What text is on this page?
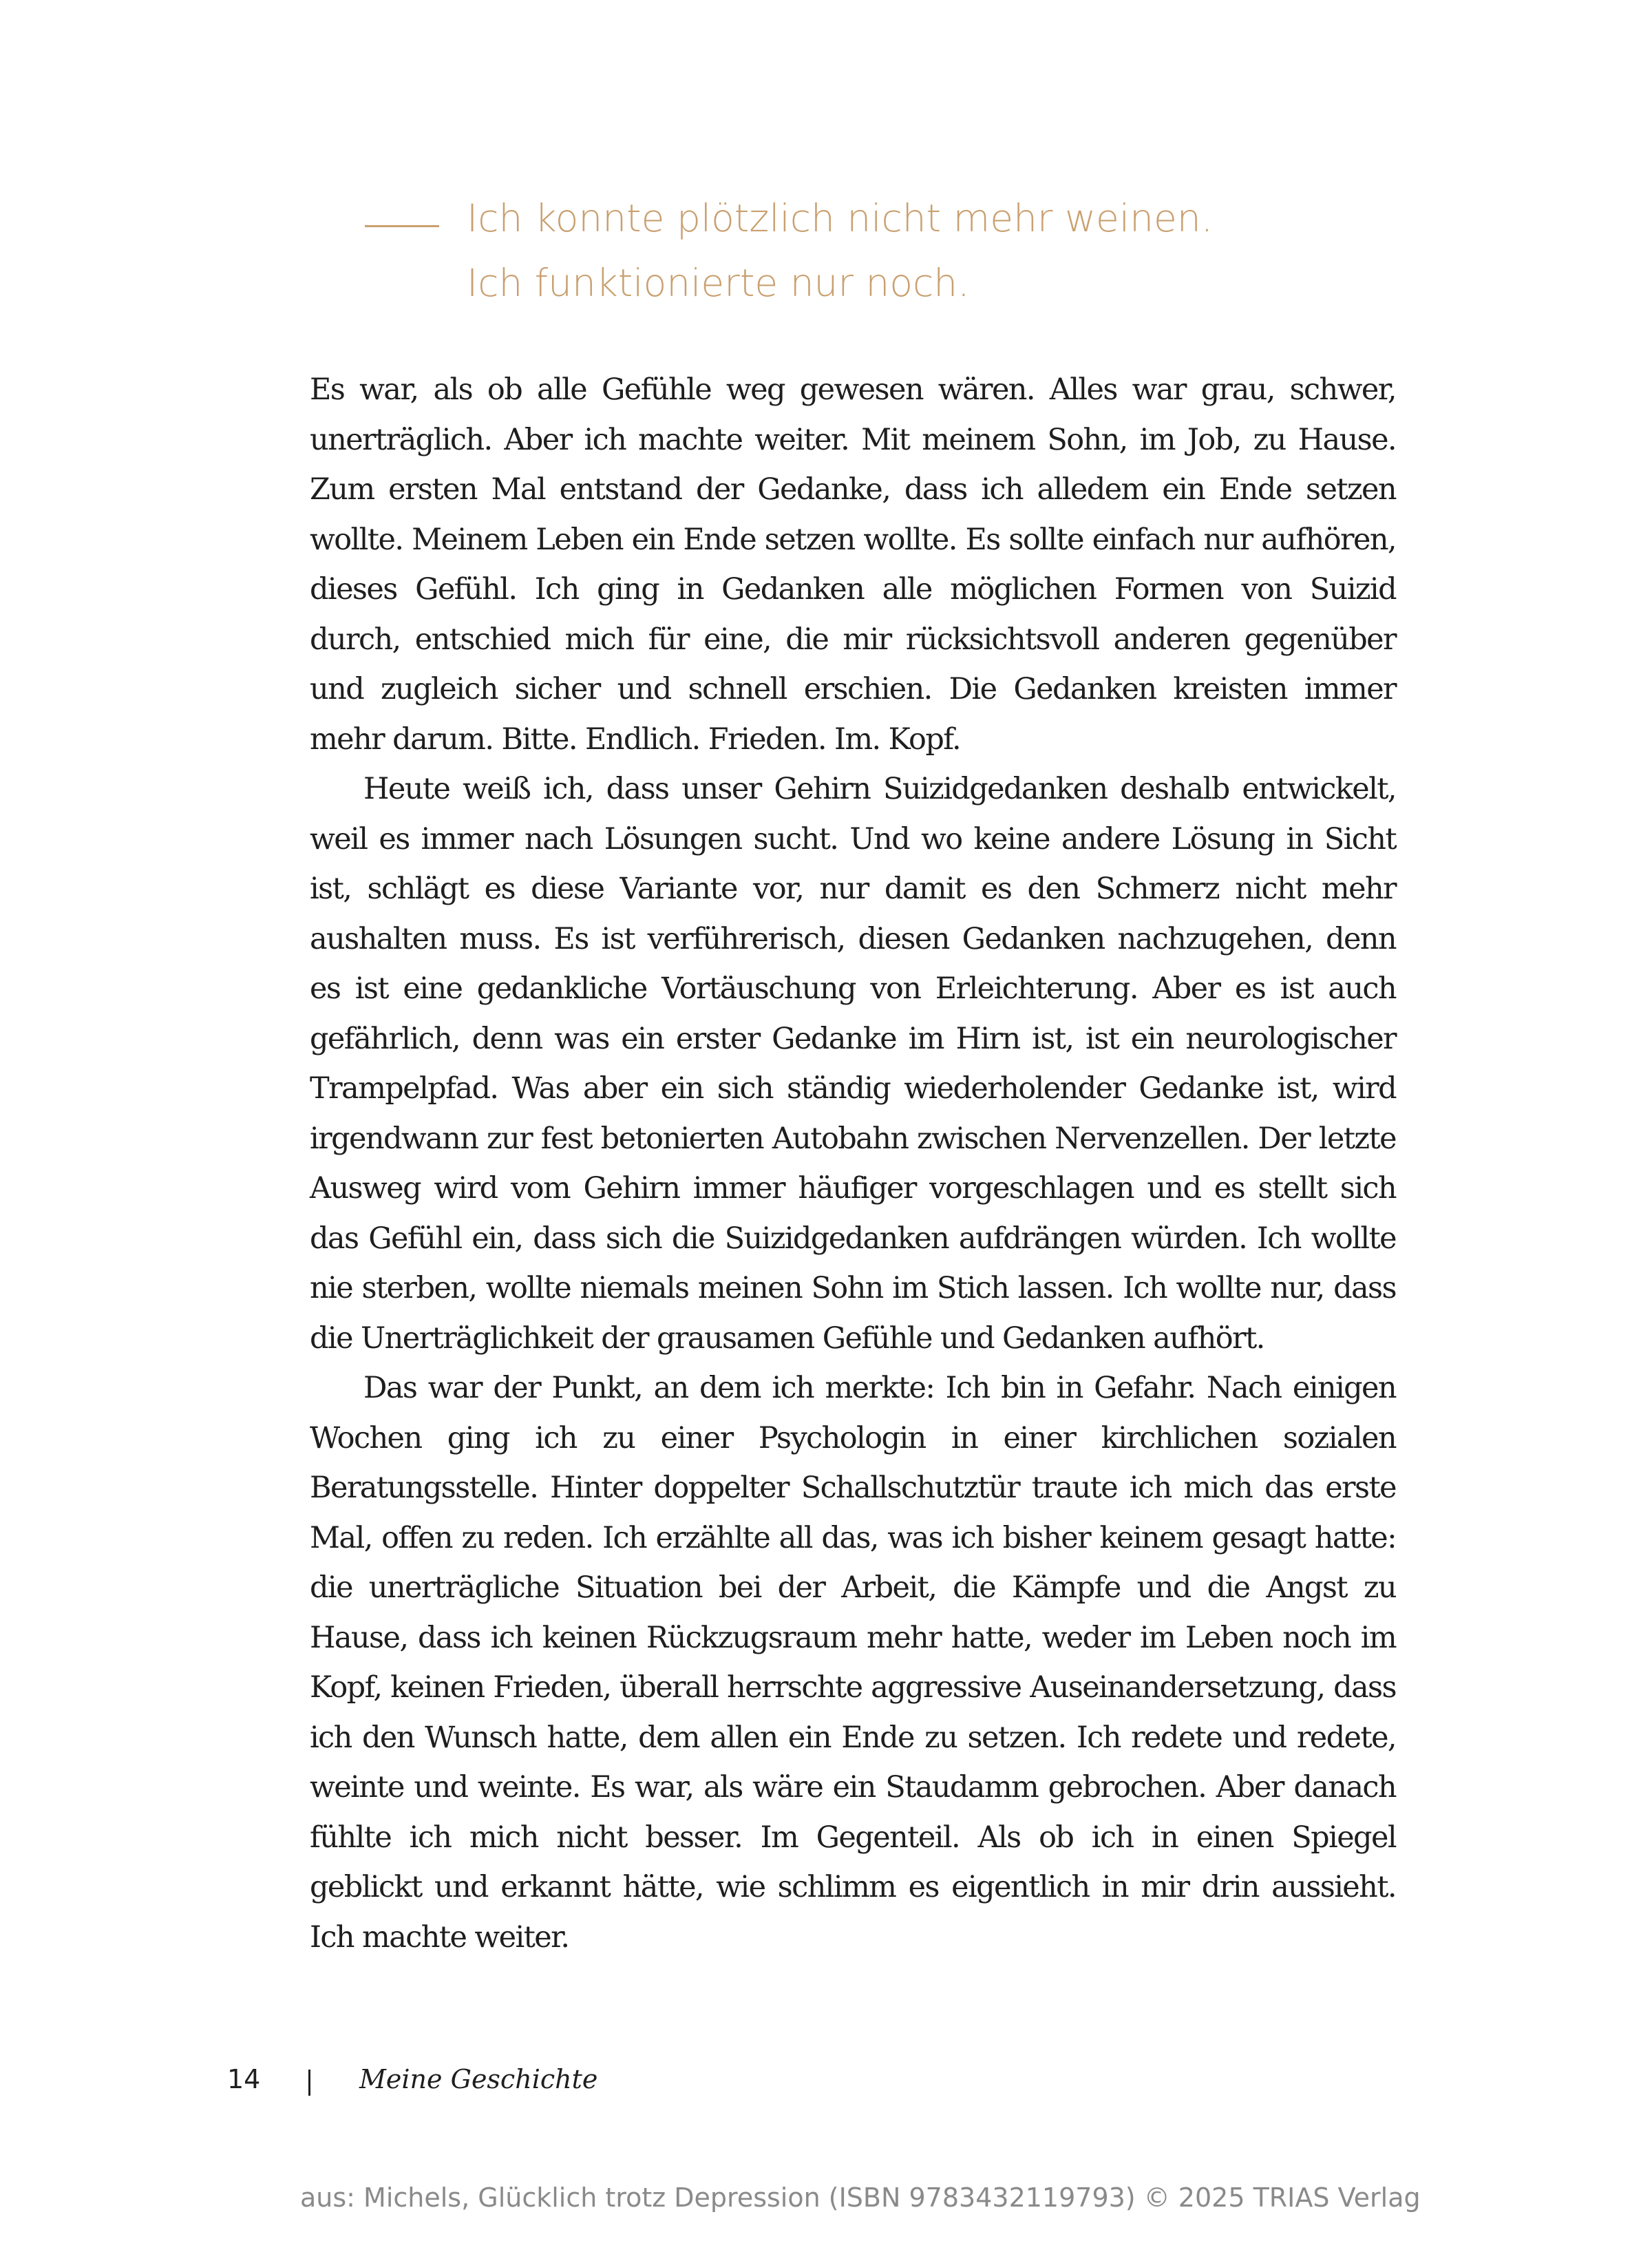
Ich konnte plötzlich nicht mehr weinen.
Ich funktionierte nur noch.

Es war, als ob alle Gefühle weg gewesen wären. Alles war grau, schwer, unerträglich. Aber ich machte weiter. Mit meinem Sohn, im Job, zu Hause. Zum ersten Mal entstand der Gedanke, dass ich alledem ein Ende setzen wollte. Meinem Leben ein Ende setzen wollte. Es sollte einfach nur aufhören, dieses Gefühl. Ich ging in Gedanken alle möglichen Formen von Suizid durch, entschied mich für eine, die mir rücksichtsvoll anderen gegenüber und zugleich sicher und schnell erschien. Die Gedanken kreisten immer mehr darum. Bitte. Endlich. Frieden. Im. Kopf.

Heute weiß ich, dass unser Gehirn Suizidgedanken deshalb entwickelt, weil es immer nach Lösungen sucht. Und wo keine andere Lösung in Sicht ist, schlägt es diese Variante vor, nur damit es den Schmerz nicht mehr aushalten muss. Es ist verführerisch, diesen Gedanken nachzugehen, denn es ist eine gedankliche Vortäuschung von Erleichterung. Aber es ist auch gefährlich, denn was ein erster Gedanke im Hirn ist, ist ein neurologischer Trampelpfad. Was aber ein sich ständig wiederholender Gedanke ist, wird irgendwann zur fest betonierten Autobahn zwischen Nervenzellen. Der letzte Ausweg wird vom Gehirn immer häufiger vorgeschlagen und es stellt sich das Gefühl ein, dass sich die Suizidgedanken aufdrängen würden. Ich wollte nie sterben, wollte niemals meinen Sohn im Stich lassen. Ich wollte nur, dass die Unerträglichkeit der grausamen Gefühle und Gedanken aufhört.

Das war der Punkt, an dem ich merkte: Ich bin in Gefahr. Nach einigen Wochen ging ich zu einer Psychologin in einer kirchlichen sozialen Beratungsstelle. Hinter doppelter Schallschutztür traute ich mich das erste Mal, offen zu reden. Ich erzählte all das, was ich bisher keinem gesagt hatte: die unerträgliche Situation bei der Arbeit, die Kämpfe und die Angst zu Hause, dass ich keinen Rückzugsraum mehr hatte, weder im Leben noch im Kopf, keinen Frieden, überall herrschte aggressive Auseinandersetzung, dass ich den Wunsch hatte, dem allen ein Ende zu setzen. Ich redete und redete, weinte und weinte. Es war, als wäre ein Staudamm gebrochen. Aber danach fühlte ich mich nicht besser. Im Gegenteil. Als ob ich in einen Spiegel geblickt und erkannt hätte, wie schlimm es eigentlich in mir drin aussieht. Ich machte weiter.

14	Meine Geschichte
aus: Michels, Glücklich trotz Depression (ISBN 9783432119793) © 2025 TRIAS Verlag
